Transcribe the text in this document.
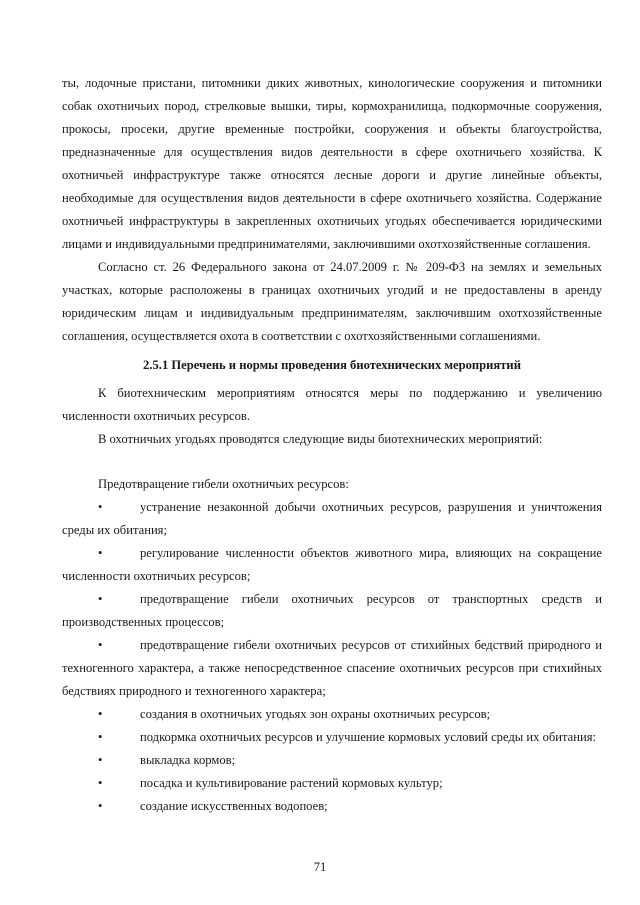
ты, лодочные пристани, питомники диких животных, кинологические сооружения и питомники собак охотничьих пород, стрелковые вышки, тиры, кормохранилища, подкормочные сооружения, прокосы, просеки, другие временные постройки, сооружения и объекты благоустройства, предназначенные для осуществления видов деятельности в сфере охотничьего хозяйства. К охотничьей инфраструктуре также относятся лесные дороги и другие линейные объекты, необходимые для осуществления видов деятельности в сфере охотничьего хозяйства. Содержание охотничьей инфраструктуры в закрепленных охотничьих угодьях обеспечивается юридическими лицами и индивидуальными предпринимателями, заключившими охотхозяйственные соглашения.

Согласно ст. 26 Федерального закона от 24.07.2009 г. № 209-ФЗ на землях и земельных участках, которые расположены в границах охотничьих угодий и не предоставлены в аренду юридическим лицам и индивидуальным предпринимателям, заключившим охотхозяйственные соглашения, осуществляется охота в соответствии с охотхозяйственными соглашениями.

2.5.1 Перечень и нормы проведения биотехнических мероприятий

К биотехническим мероприятиям относятся меры по поддержанию и увеличению численности охотничьих ресурсов.

В охотничьих угодьях проводятся следующие виды биотехнических мероприятий:

Предотвращение гибели охотничьих ресурсов:

•	устранение незаконной добычи охотничьих ресурсов, разрушения и уничтожения среды их обитания;

•	регулирование численности объектов животного мира, влияющих на сокращение численности охотничьих ресурсов;

•	предотвращение гибели охотничьих ресурсов от транспортных средств и производственных процессов;

•	предотвращение гибели охотничьих ресурсов от стихийных бедствий природного и техногенного характера, а также непосредственное спасение охотничьих ресурсов при стихийных бедствиях природного и техногенного характера;

•	создания в охотничьих угодьях зон охраны охотничьих ресурсов;

•	подкормка охотничьих ресурсов и улучшение кормовых условий среды их обитания:

•	выкладка кормов;

•	посадка и культивирование растений кормовых культур;

•	создание искусственных водопоев;

71
